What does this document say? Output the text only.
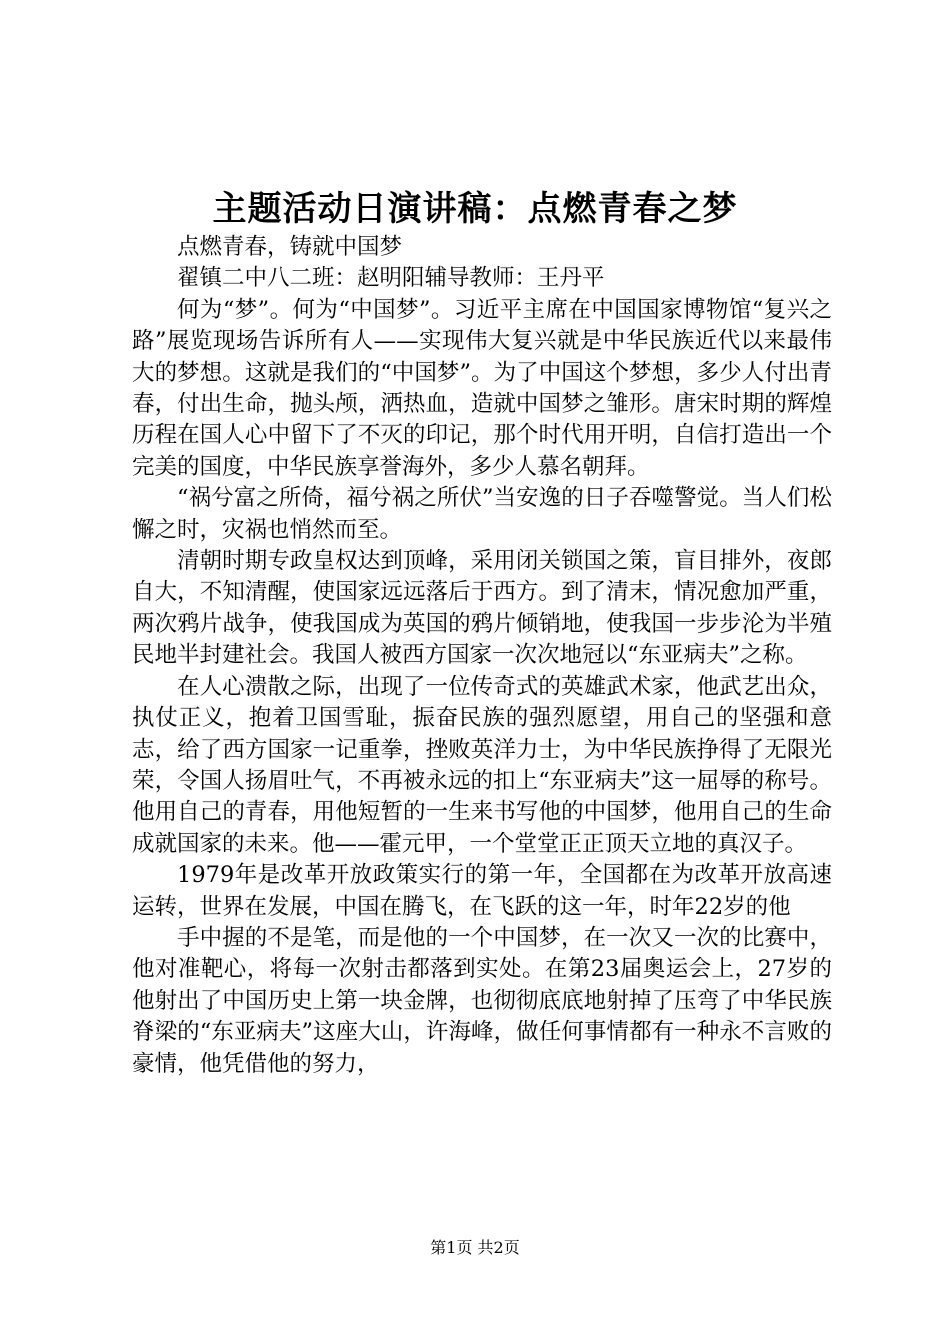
主题活动日演讲稿：点燃青春之梦

点燃青春，铸就中国梦

翟镇二中八二班：赵明阳辅导教师：王丹平

何为“梦”。何为“中国梦”。习近平主席在中国国家博物馆“复兴之路”展览现场告诉所有人——实现伟大复兴就是中华民族近代以来最伟大的梦想。这就是我们的“中国梦”。为了中国这个梦想，多少人付出青春，付出生命，抛头颅，洒热血，造就中国梦之雏形。唐宋时期的辉煌历程在国人心中留下了不灭的印记，那个时代用开明，自信打造出一个完美的国度，中华民族享誉海外，多少人慕名朝拜。

“祸兮富之所倚，福兮祸之所伏”当安逸的日子吞噬警觉。当人们松懈之时，灾祸也悄然而至。

清朝时期专政皇权达到顶峰，采用闭关锁国之策，盲目排外，夜郎自大，不知清醒，使国家远远落后于西方。到了清末，情况愈加严重，两次鸦片战争，使我国成为英国的鸦片倾销地，使我国一步步沦为半殖民地半封建社会。我国人被西方国家一次次地冠以“东亚病夫”之称。

在人心溃散之际，出现了一位传奇式的英雄武术家，他武艺出众，执仗正义，抱着卫国雪耻，振奋民族的强烈愿望，用自己的坚强和意志，给了西方国家一记重拳，挫败英洋力士，为中华民族挣得了无限光荣，令国人扬眉吐气，不再被永远的扣上“东亚病夫”这一屈辱的称号。他用自己的青春，用他短暂的一生来书写他的中国梦，他用自己的生命成就国家的未来。他——霍元甲，一个堂堂正正顶天立地的真汉子。

1979年是改革开放政策实行的第一年，全国都在为改革开放高速运转，世界在发展，中国在腾飞，在飞跃的这一年，时年22岁的他

手中握的不是笔，而是他的一个中国梦，在一次又一次的比赛中，他对准靶心，将每一次射击都落到实处。在第23届奥运会上，27岁的他射出了中国历史上第一块金牌，也彻彻底底地射掉了压弯了中华民族脊梁的“东亚病夫”这座大山，许海峰，做任何事情都有一种永不言败的豪情，他凭借他的努力，

第1页 共2页
